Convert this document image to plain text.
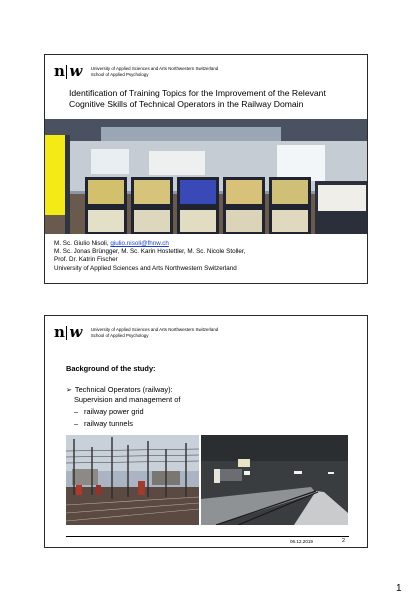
n w University of Applied Sciences and Arts Northwestern Switzerland
School of Applied Psychology
Identification of Training Topics for the Improvement of the Relevant
Cognitive Skills of Technical Operators in the Railway Domain
M. Sc. Giulio Nisoli, giulio.nisoli@fhnw.ch
M. Sc. Jonas Brüngger, M. Sc. Karin Hostettler, M. Sc. Nicole Stoller,
Prof. Dr. Katrin Fischer
University of Applied Sciences and Arts Northwestern Switzerland
n w University of Applied Sciences and Arts Northwestern Switzerland
School of Applied Psychology
Background of the study:
➢ Technical Operators (railway):
Supervision and management of
– railway power grid
– railway tunnels
06.12.2019	2
1
